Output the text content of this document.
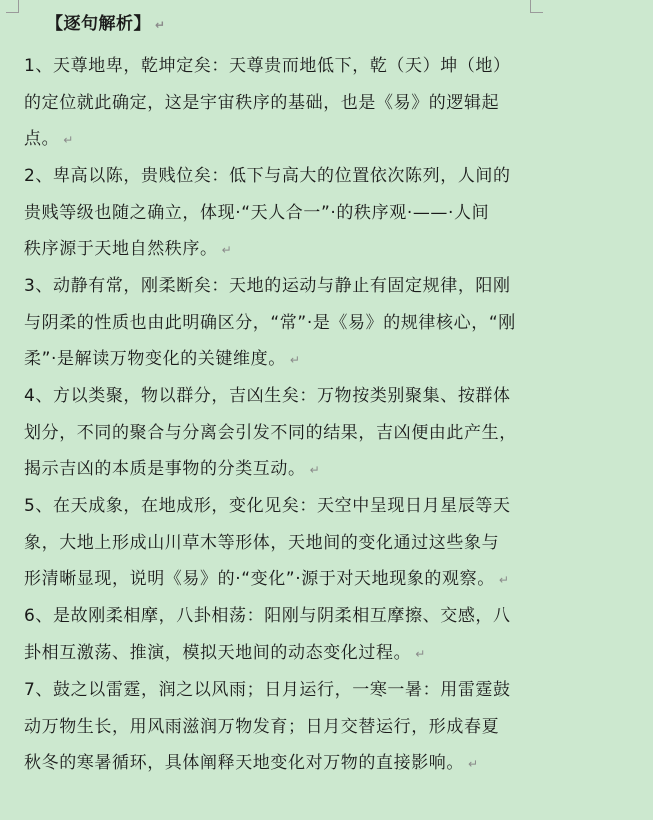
【逐句解析】 ↵
1、天尊地卑，乾坤定矣：天尊贵而地低下，乾（天）坤（地）
的定位就此确定，这是宇宙秩序的基础，也是《易》的逻辑起
点。 ↵
2、卑高以陈，贵贱位矣：低下与高大的位置依次陈列，人间的
贵贱等级也随之确立，体现·“天人合一”·的秩序观·——·人间
秩序源于天地自然秩序。 ↵
3、动静有常，刚柔断矣：天地的运动与静止有固定规律，阳刚
与阴柔的性质也由此明确区分，“常”·是《易》的规律核心，“刚
柔”·是解读万物变化的关键维度。 ↵
4、方以类聚，物以群分，吉凶生矣：万物按类别聚集、按群体
划分，不同的聚合与分离会引发不同的结果，吉凶便由此产生，
揭示吉凶的本质是事物的分类互动。 ↵
5、在天成象，在地成形，变化见矣：天空中呈现日月星辰等天
象，大地上形成山川草木等形体，天地间的变化通过这些象与
形清晰显现，说明《易》的·“变化”·源于对天地现象的观察。 ↵
6、是故刚柔相摩，八卦相荡：阳刚与阴柔相互摩擦、交感，八
卦相互激荡、推演，模拟天地间的动态变化过程。 ↵
7、鼓之以雷霆，润之以风雨；日月运行，一寒一暑：用雷霆鼓
动万物生长，用风雨滋润万物发育；日月交替运行，形成春夏
秋冬的寒暑循环，具体阐释天地变化对万物的直接影响。 ↵
